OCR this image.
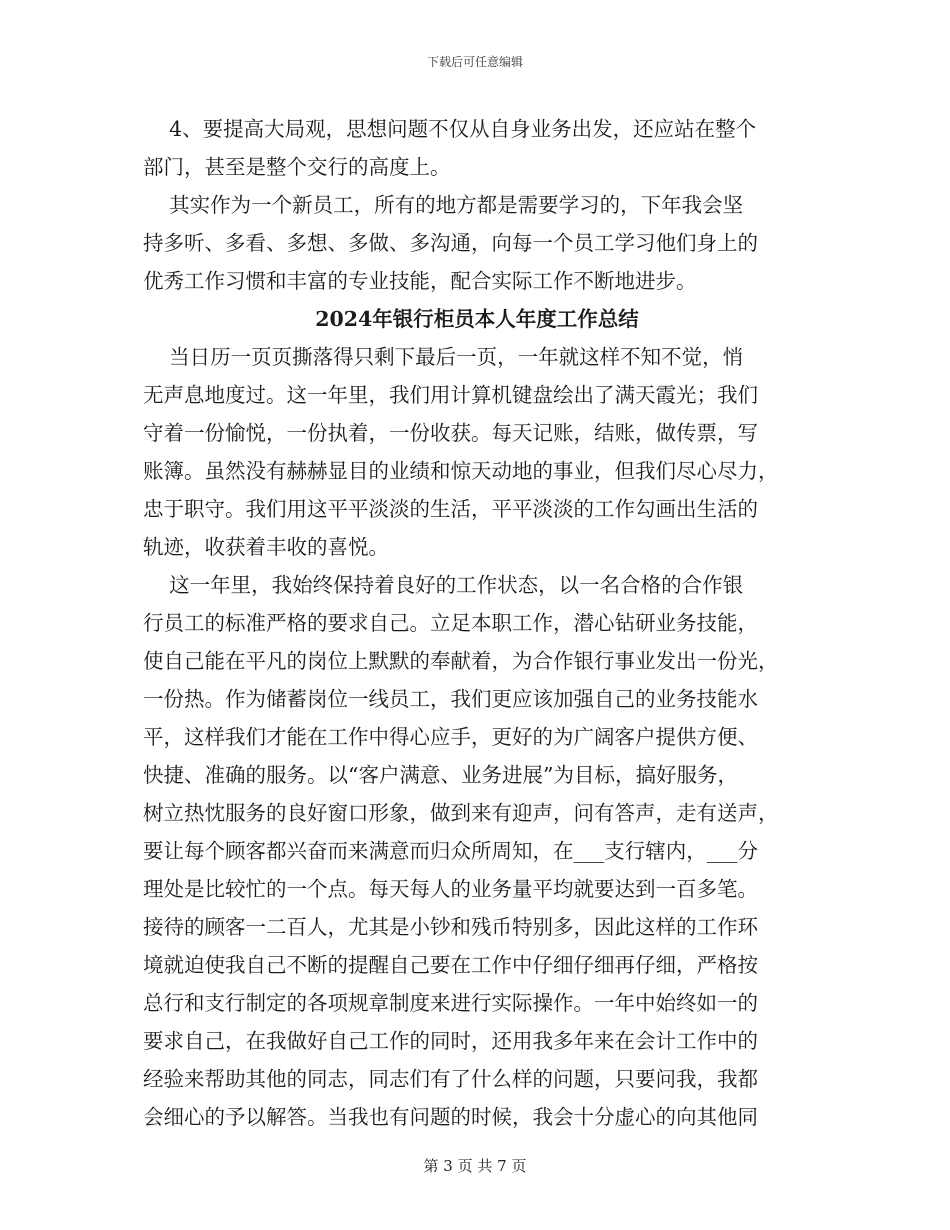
下载后可任意编辑
4、要提高大局观，思想问题不仅从自身业务出发，还应站在整个
部门，甚至是整个交行的高度上。
其实作为一个新员工，所有的地方都是需要学习的，下年我会坚
持多听、多看、多想、多做、多沟通，向每一个员工学习他们身上的
优秀工作习惯和丰富的专业技能，配合实际工作不断地进步。
2024年银行柜员本人年度工作总结
当日历一页页撕落得只剩下最后一页，一年就这样不知不觉，悄
无声息地度过。这一年里，我们用计算机键盘绘出了满天霞光；我们
守着一份愉悦，一份执着，一份收获。每天记账，结账，做传票，写
账簿。虽然没有赫赫显目的业绩和惊天动地的事业，但我们尽心尽力，
忠于职守。我们用这平平淡淡的生活，平平淡淡的工作勾画出生活的
轨迹，收获着丰收的喜悦。
这一年里，我始终保持着良好的工作状态，以一名合格的合作银
行员工的标准严格的要求自己。立足本职工作，潜心钻研业务技能，
使自己能在平凡的岗位上默默的奉献着，为合作银行事业发出一份光，
一份热。作为储蓄岗位一线员工，我们更应该加强自己的业务技能水
平，这样我们才能在工作中得心应手，更好的为广阔客户提供方便、
快捷、准确的服务。以“客户满意、业务进展”为目标，搞好服务，
树立热忱服务的良好窗口形象，做到来有迎声，问有答声，走有送声，
要让每个顾客都兴奋而来满意而归众所周知，在___支行辖内，___分
理处是比较忙的一个点。每天每人的业务量平均就要达到一百多笔。
接待的顾客一二百人，尤其是小钞和残币特别多，因此这样的工作环
境就迫使我自己不断的提醒自己要在工作中仔细仔细再仔细，严格按
总行和支行制定的各项规章制度来进行实际操作。一年中始终如一的
要求自己，在我做好自己工作的同时，还用我多年来在会计工作中的
经验来帮助其他的同志，同志们有了什么样的问题，只要问我，我都
会细心的予以解答。当我也有问题的时候，我会十分虚心的向其他同
第 3 页 共 7 页
